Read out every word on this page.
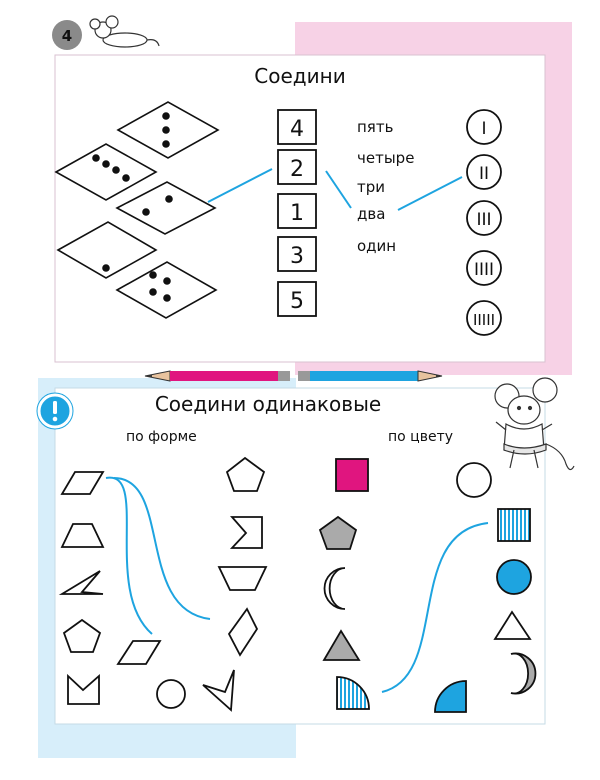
4
Соедини
4
2
1
3
5
пять
четыре
три
два
один
I
II
III
IIII
IIIII
Соедини одинаковые
по форме	по цвету
